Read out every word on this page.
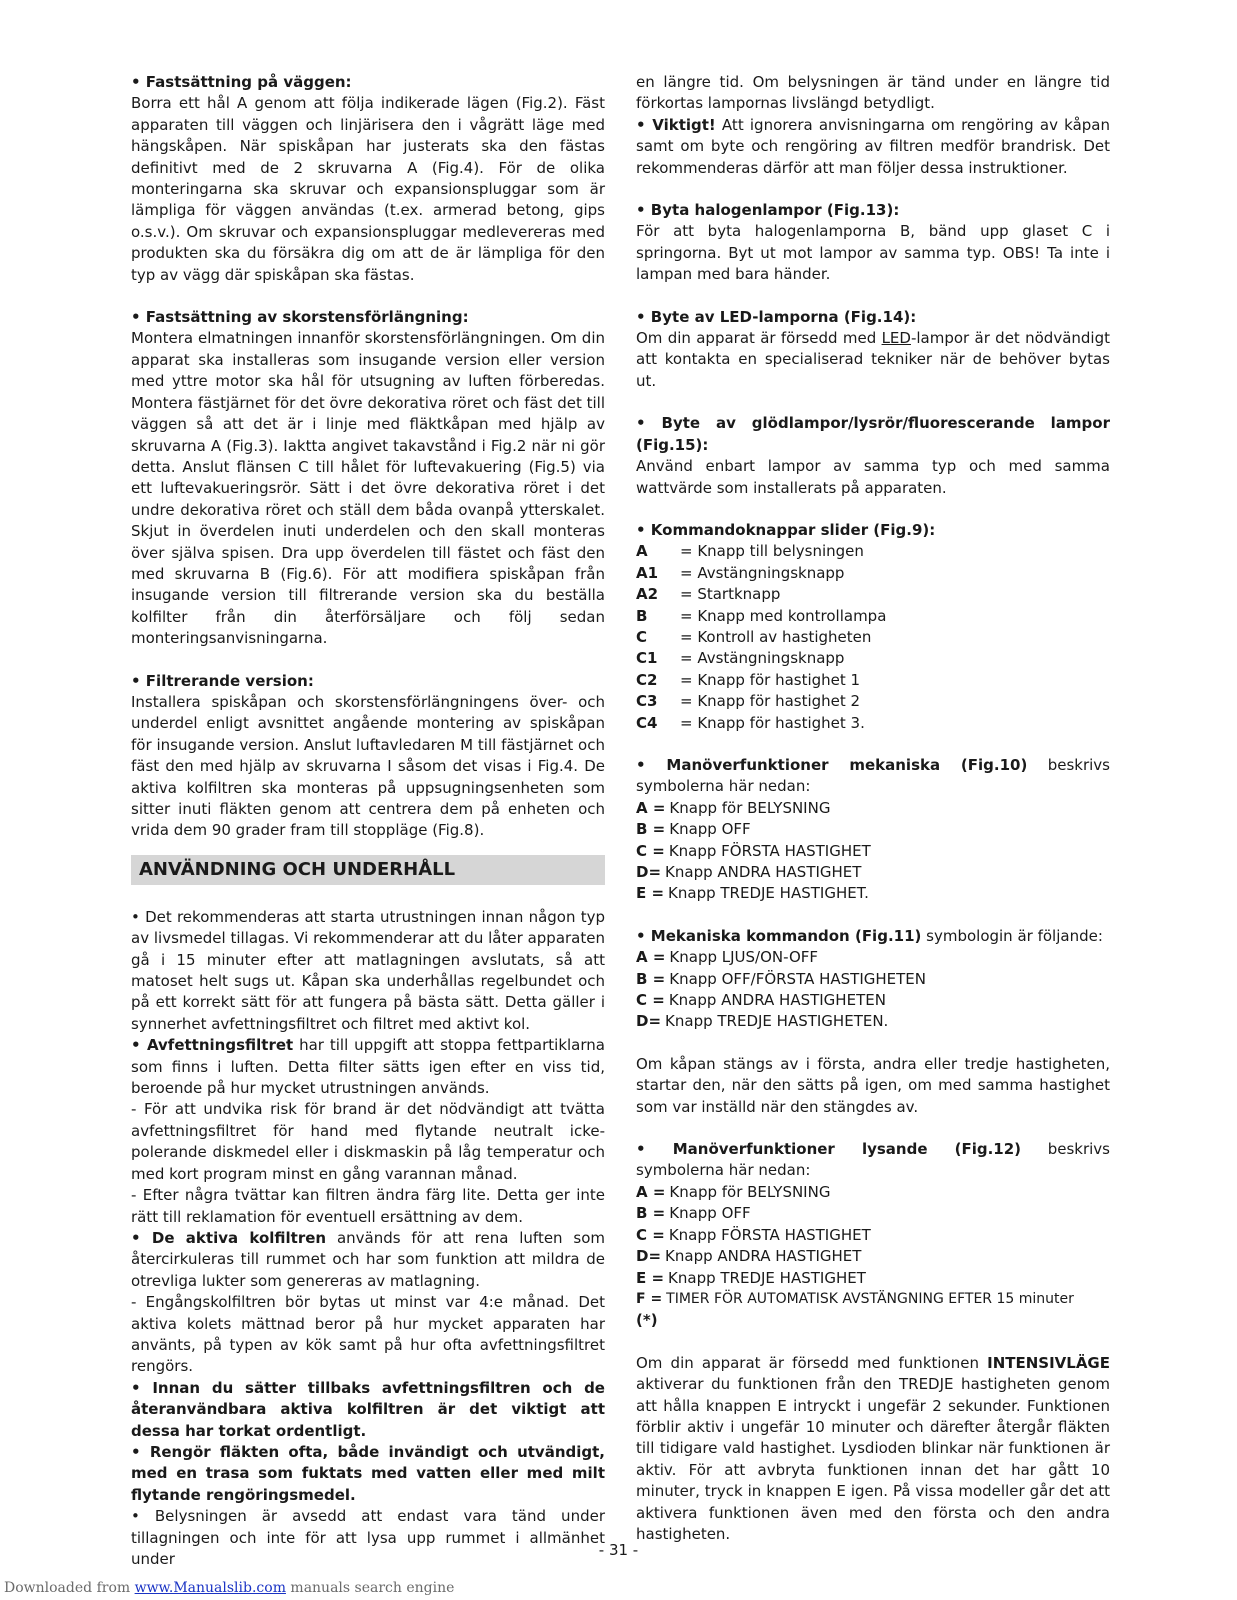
• Fastsättning på väggen:

Borra ett hål A genom att följa indikerade lägen (Fig.2). Fäst apparaten till väggen och linjärisera den i vågrätt läge med hängskåpen. När spiskåpan har justerats ska den fästas definitivt med de 2 skruvarna A (Fig.4). För de olika monteringarna ska skruvar och expansionspluggar som är lämpliga för väggen användas (t.ex. armerad betong, gips o.s.v.). Om skruvar och expansionspluggar medlevereras med produkten ska du försäkra dig om att de är lämpliga för den typ av vägg där spiskåpan ska fästas.

• Fastsättning av skorstensförlängning:

Montera elmatningen innanför skorstensförlängningen. Om din apparat ska installeras som insugande version eller version med yttre motor ska hål för utsugning av luften förberedas. Montera fästjärnet för det övre dekorativa röret och fäst det till väggen så att det är i linje med fläktkåpan med hjälp av skruvarna A (Fig.3). Iaktta angivet takavstånd i Fig.2 när ni gör detta. Anslut flänsen C till hålet för luftevakuering (Fig.5) via ett luftevakueringsrör. Sätt i det övre dekorativa röret i det undre dekorativa röret och ställ dem båda ovanpå ytterskalet. Skjut in överdelen inuti underdelen och den skall monteras över själva spisen. Dra upp överdelen till fästet och fäst den med skruvarna B (Fig.6). För att modifiera spiskåpan från insugande version till filtrerande version ska du beställa kolfilter från din återförsäljare och följ sedan monteringsanvisningarna.

• Filtrerande version:

Installera spiskåpan och skorstensförlängningens över- och underdel enligt avsnittet angående montering av spiskåpan för insugande version. Anslut luftavledaren M till fästjärnet och fäst den med hjälp av skruvarna I såsom det visas i Fig.4. De aktiva kolfiltren ska monteras på uppsugningsenheten som sitter inuti fläkten genom att centrera dem på enheten och vrida dem 90 grader fram till stoppläge (Fig.8).

ANVÄNDNING OCH UNDERHÅLL

• Det rekommenderas att starta utrustningen innan någon typ av livsmedel tillagas. Vi rekommenderar att du låter apparaten gå i 15 minuter efter att matlagningen avslutats, så att matoset helt sugs ut. Kåpan ska underhållas regelbundet och på ett korrekt sätt för att fungera på bästa sätt. Detta gäller i synnerhet avfettningsfiltret och filtret med aktivt kol.

• Avfettningsfiltret har till uppgift att stoppa fettpartiklarna som finns i luften. Detta filter sätts igen efter en viss tid, beroende på hur mycket utrustningen används.

- För att undvika risk för brand är det nödvändigt att tvätta avfettningsfiltret för hand med flytande neutralt icke-polerande diskmedel eller i diskmaskin på låg temperatur och med kort program minst en gång varannan månad.

- Efter några tvättar kan filtren ändra färg lite. Detta ger inte rätt till reklamation för eventuell ersättning av dem.

• De aktiva kolfiltren används för att rena luften som återcirkuleras till rummet och har som funktion att mildra de otrevliga lukter som genereras av matlagning.

- Engångskolfiltren bör bytas ut minst var 4:e månad. Det aktiva kolets mättnad beror på hur mycket apparaten har använts, på typen av kök samt på hur ofta avfettningsfiltret rengörs.

• Innan du sätter tillbaks avfettningsfiltren och de återanvändbara aktiva kolfiltren är det viktigt att dessa har torkat ordentligt.

• Rengör fläkten ofta, både invändigt och utvändigt, med en trasa som fuktats med vatten eller med milt flytande rengöringsmedel.

• Belysningen är avsedd att endast vara tänd under tillagningen och inte för att lysa upp rummet i allmänhet under

en längre tid. Om belysningen är tänd under en längre tid förkortas lampornas livslängd betydligt.

• Viktigt! Att ignorera anvisningarna om rengöring av kåpan samt om byte och rengöring av filtren medför brandrisk. Det rekommenderas därför att man följer dessa instruktioner.

• Byta halogenlampor (Fig.13):

För att byta halogenlamporna B, bänd upp glaset C i springorna. Byt ut mot lampor av samma typ. OBS! Ta inte i lampan med bara händer.

• Byte av LED-lamporna (Fig.14):

Om din apparat är försedd med LED-lampor är det nödvändigt att kontakta en specialiserad tekniker när de behöver bytas ut.

• Byte av glödlampor/lysrör/fluorescerande lampor (Fig.15):

Använd enbart lampor av samma typ och med samma wattvärde som installerats på apparaten.

• Kommandoknappar slider (Fig.9):

A = Knapp till belysningen
A1 = Avstängningsknapp
A2 = Startknapp
B = Knapp med kontrollampa
C = Kontroll av hastigheten
C1 = Avstängningsknapp
C2 = Knapp för hastighet 1
C3 = Knapp för hastighet 2
C4 = Knapp för hastighet 3.

• Manöverfunktioner mekaniska (Fig.10) beskrivs symbolerna här nedan:

A = Knapp för BELYSNING
B = Knapp OFF
C = Knapp FÖRSTA HASTIGHET
D= Knapp ANDRA HASTIGHET
E = Knapp TREDJE HASTIGHET.

• Mekaniska kommandon (Fig.11) symbologin är följande:

A = Knapp LJUS/ON-OFF
B = Knapp OFF/FÖRSTA HASTIGHETEN
C = Knapp ANDRA HASTIGHETEN
D= Knapp TREDJE HASTIGHETEN.

Om kåpan stängs av i första, andra eller tredje hastigheten, startar den, när den sätts på igen, om med samma hastighet som var inställd när den stängdes av.

• Manöverfunktioner lysande (Fig.12) beskrivs symbolerna här nedan:

A = Knapp för BELYSNING
B = Knapp OFF
C = Knapp FÖRSTA HASTIGHET
D= Knapp ANDRA HASTIGHET
E = Knapp TREDJE HASTIGHET
F = TIMER FÖR AUTOMATISK AVSTÄNGNING EFTER 15 minuter
(*)

Om din apparat är försedd med funktionen INTENSIVLÄGE aktiverar du funktionen från den TREDJE hastigheten genom att hålla knappen E intryckt i ungefär 2 sekunder. Funktionen förblir aktiv i ungefär 10 minuter och därefter återgår fläkten till tidigare vald hastighet. Lysdioden blinkar när funktionen är aktiv. För att avbryta funktionen innan det har gått 10 minuter, tryck in knappen E igen. På vissa modeller går det att aktivera funktionen även med den första och den andra hastigheten.

- 31 -
Downloaded from www.Manualslib.com manuals search engine
